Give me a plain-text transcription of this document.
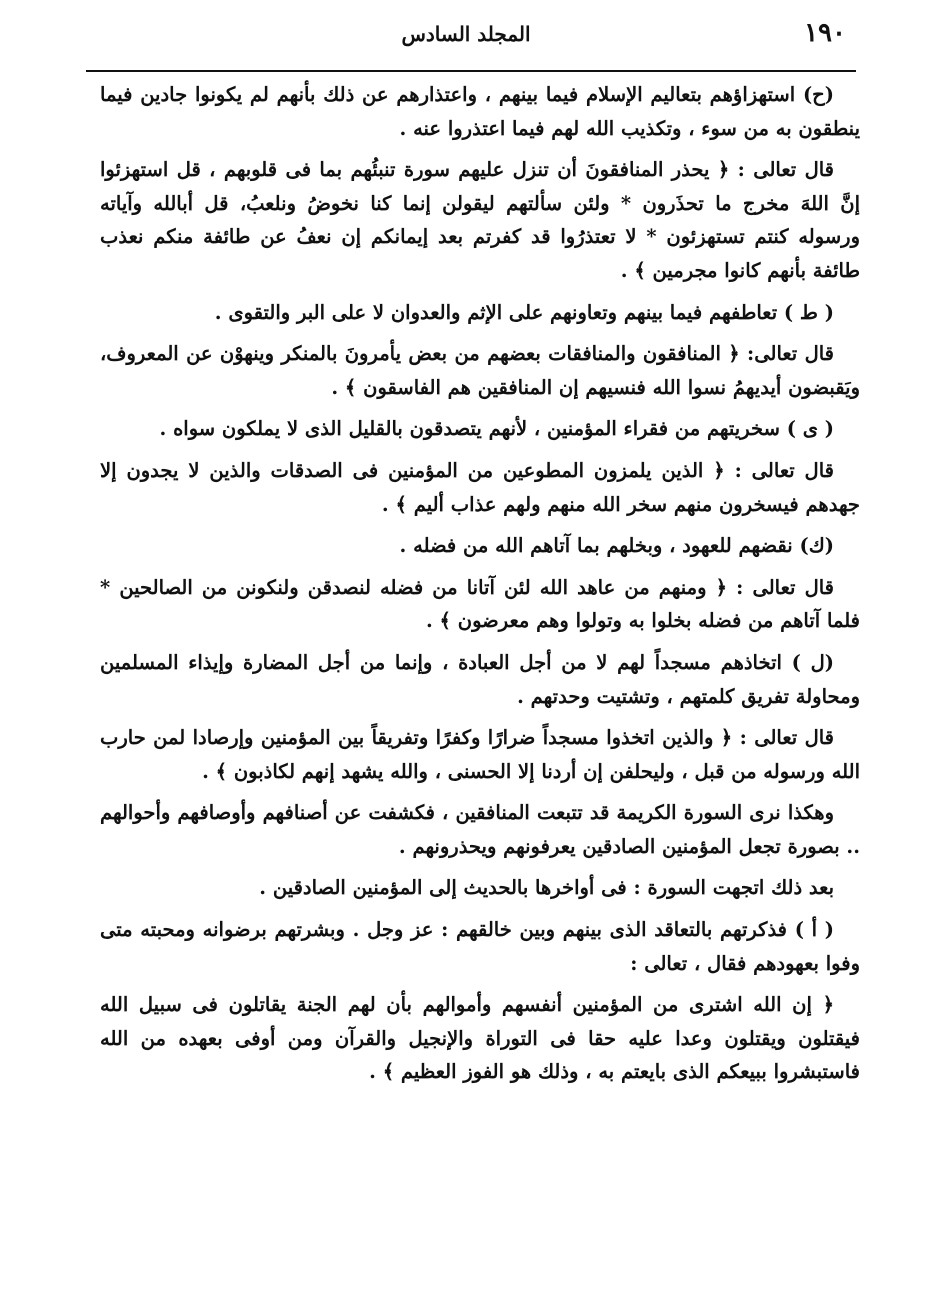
١٩٠
المجلد السادس

(ح) استهزاؤهم بتعاليم الإسلام فيما بينهم ، واعتذارهم عن ذلك بأنهم لم يكونوا جادين فيما ينطقون به من سوء ، وتكذيب الله لهم فيما اعتذروا عنه .

قال تعالى : ﴿ يحذر المنافقونَ أن تنزل عليهم سورة تنبئُهم بما فى قلوبهم ، قل استهزئوا إنَّ اللهَ مخرج ما تحذَرون * ولئن سألتهم ليقولن إنما كنا نخوضُ ونلعبُ، قل أبالله وآياته ورسوله كنتم تستهزئون * لا تعتذرُوا قد كفرتم بعد إيمانكم إن نعفُ عن طائفة منكم نعذب طائفة بأنهم كانوا مجرمين ﴾ .

( ط ) تعاطفهم فيما بينهم وتعاونهم على الإثم والعدوان لا على البر والتقوى .

قال تعالى: ﴿ المنافقون والمنافقات بعضهم من بعض يأمرونَ بالمنكر وينهوْن عن المعروف، ويَقبضون أيديهمُ نسوا الله فنسيهم إن المنافقين هم الفاسقون ﴾ .

( ى ) سخريتهم من فقراء المؤمنين ، لأنهم يتصدقون بالقليل الذى لا يملكون سواه .

قال تعالى : ﴿ الذين يلمزون المطوعين من المؤمنين فى الصدقات والذين لا يجدون إلا جهدهم فيسخرون منهم سخر الله منهم ولهم عذاب أليم ﴾ .

(ك) نقضهم للعهود ، وبخلهم بما آتاهم الله من فضله .

قال تعالى : ﴿ ومنهم من عاهد الله لئن آتانا من فضله لنصدقن ولنكونن من الصالحين * فلما آتاهم من فضله بخلوا به وتولوا وهم معرضون ﴾ .

(ل ) اتخاذهم مسجداً لهم لا من أجل العبادة ، وإنما من أجل المضارة وإيذاء المسلمين ومحاولة تفريق كلمتهم ، وتشتيت وحدتهم .

قال تعالى : ﴿ والذين اتخذوا مسجداً ضرارًا وكفرًا وتفريقاً بين المؤمنين وإرصادا لمن حارب الله ورسوله من قبل ، وليحلفن إن أردنا إلا الحسنى ، والله يشهد إنهم لكاذبون ﴾ .

وهكذا نرى السورة الكريمة قد تتبعت المنافقين ، فكشفت عن أصنافهم وأوصافهم وأحوالهم .. بصورة تجعل المؤمنين الصادقين يعرفونهم ويحذرونهم .

بعد ذلك اتجهت السورة : فى أواخرها بالحديث إلى المؤمنين الصادقين .

( أ ) فذكرتهم بالتعاقد الذى بينهم وبين خالقهم : عز وجل . وبشرتهم برضوانه ومحبته متى وفوا بعهودهم فقال ، تعالى :

﴿ إن الله اشترى من المؤمنين أنفسهم وأموالهم بأن لهم الجنة يقاتلون فى سبيل الله فيقتلون ويقتلون وعدا عليه حقا فى التوراة والإنجيل والقرآن ومن أوفى بعهده من الله فاستبشروا ببيعكم الذى بايعتم به ، وذلك هو الفوز العظيم ﴾ .
